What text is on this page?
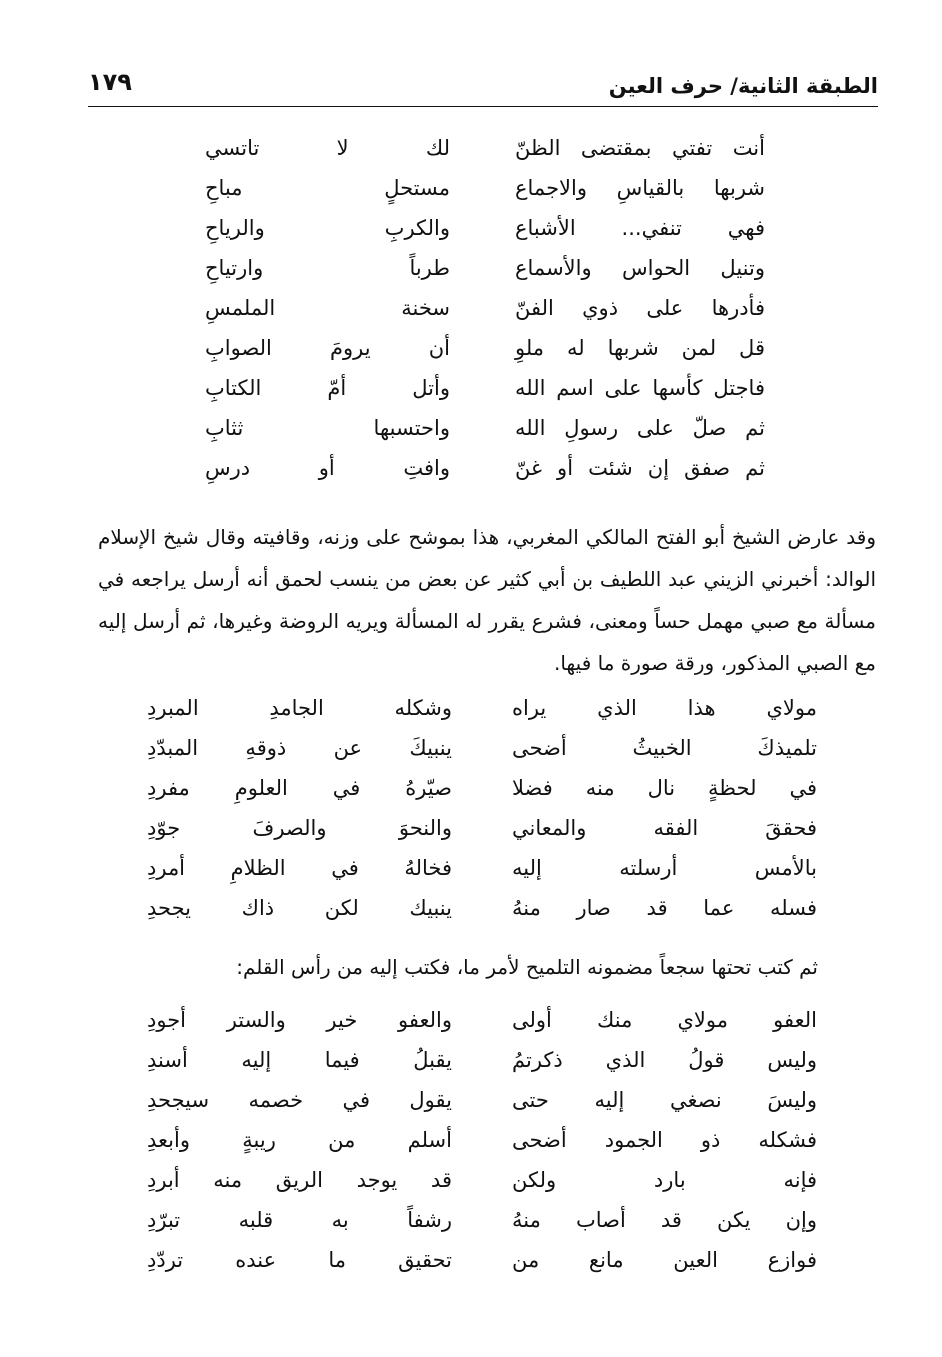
الطبقة الثانية/ حرف العين
١٧٩
أنت تفتي بمقتضى الظنّ
لك لا تاتسي
شربها بالقياسِ والاجماع
مستحلٍ مباحِ
فهي تنفي... الأشباع
والكربِ والرياحِ
وتنيل الحواس والأسماع
طرباً وارتياحِ
فأدرها على ذوي الفنّ
سخنة الملمسِ
قل لمن شربها له ملوِ
أن يرومَ الصوابِ
فاجتل كأسها على اسم الله
وأتل أمّ الكتابِ
ثم صلّ على رسولِ الله
واحتسبها ثثابِ
ثم صفق إن شئت أو غنّ
وافتِ أو درسِ

وقد عارض الشيخ أبو الفتح المالكي المغربي، هذا بموشح على وزنه، وقافيته وقال شيخ الإسلام الوالد: أخبرني الزيني عبد اللطيف بن أبي كثير عن بعض من ينسب لحمق أنه أرسل يراجعه في مسألة مع صبي مهمل حساً ومعنى، فشرع يقرر له المسألة ويريه الروضة وغيرها، ثم أرسل إليه مع الصبي المذكور، ورقة صورة ما فيها.

مولاي هذا الذي يراه
وشكله الجامدِ المبردِ
تلميذكَ الخبيثُ أضحى
ينبيكَ عن ذوقهِ المبدّدِ
في لحظةٍ نال منه فضلا
صيّرهُ في العلومِ مفردِ
فحققَ الفقه والمعاني
والنحوَ والصرفَ جوّدِ
بالأمس أرسلته إليه
فخالهُ في الظلامِ أمردِ
فسله عما قد صار منهُ
ينبيك لكن ذاك يجحدِ

ثم كتب تحتها سجعاً مضمونه التلميح لأمر ما، فكتب إليه من رأس القلم:

العفو مولاي منك أولى
والعفو خير والستر أجودِ
وليس قولُ الذي ذكرتمُ
يقبلُ فيما إليه أسندِ
وليسَ نصغي إليه حتى
يقول في خصمه سيجحدِ
فشكله ذو الجمود أضحى
أسلم من ريبةٍ وأبعدِ
فإنه بارد ولكن
قد يوجد الريق منه أبردِ
وإن يكن قد أصاب منهُ
رشفاً به قلبه تبرّدِ
فوازع العين مانع من
تحقيق ما عنده تردّدِ
